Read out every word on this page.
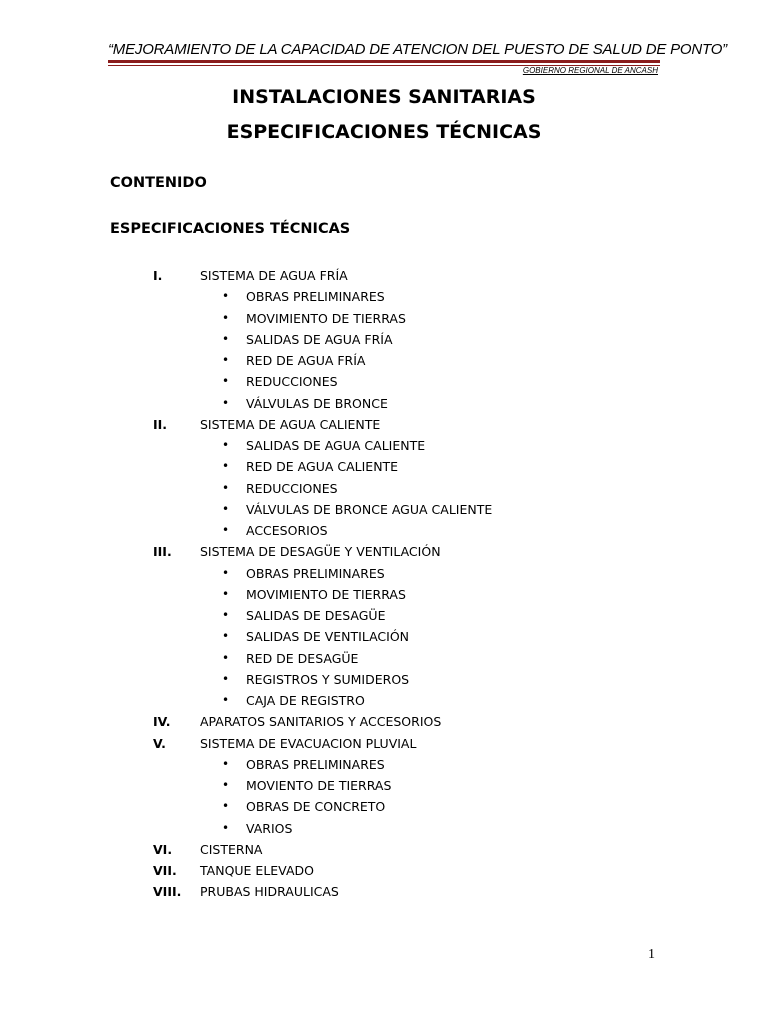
“MEJORAMIENTO DE LA CAPACIDAD DE ATENCION DEL PUESTO DE SALUD DE PONTO”
GOBIERNO REGIONAL DE ANCASH
INSTALACIONES SANITARIAS
ESPECIFICACIONES TÉCNICAS
CONTENIDO
ESPECIFICACIONES TÉCNICAS
I.	SISTEMA DE AGUA FRÍA
• OBRAS PRELIMINARES
• MOVIMIENTO DE TIERRAS
• SALIDAS DE AGUA FRÍA
• RED DE AGUA FRÍA
• REDUCCIONES
• VÁLVULAS DE BRONCE
II.	SISTEMA DE AGUA CALIENTE
• SALIDAS DE AGUA CALIENTE
• RED DE AGUA CALIENTE
• REDUCCIONES
• VÁLVULAS DE BRONCE AGUA CALIENTE
• ACCESORIOS
III. SISTEMA DE DESAGÜE Y VENTILACIÓN
• OBRAS PRELIMINARES
• MOVIMIENTO DE TIERRAS
• SALIDAS DE DESAGÜE
• SALIDAS DE VENTILACIÓN
• RED DE DESAGÜE
• REGISTROS Y SUMIDEROS
• CAJA DE REGISTRO
IV. APARATOS SANITARIOS Y ACCESORIOS
V.	SISTEMA DE EVACUACION PLUVIAL
• OBRAS PRELIMINARES
• MOVIENTO DE TIERRAS
• OBRAS DE CONCRETO
• VARIOS
VI. CISTERNA
VII. TANQUE ELEVADO
VIII. PRUBAS HIDRAULICAS
1
